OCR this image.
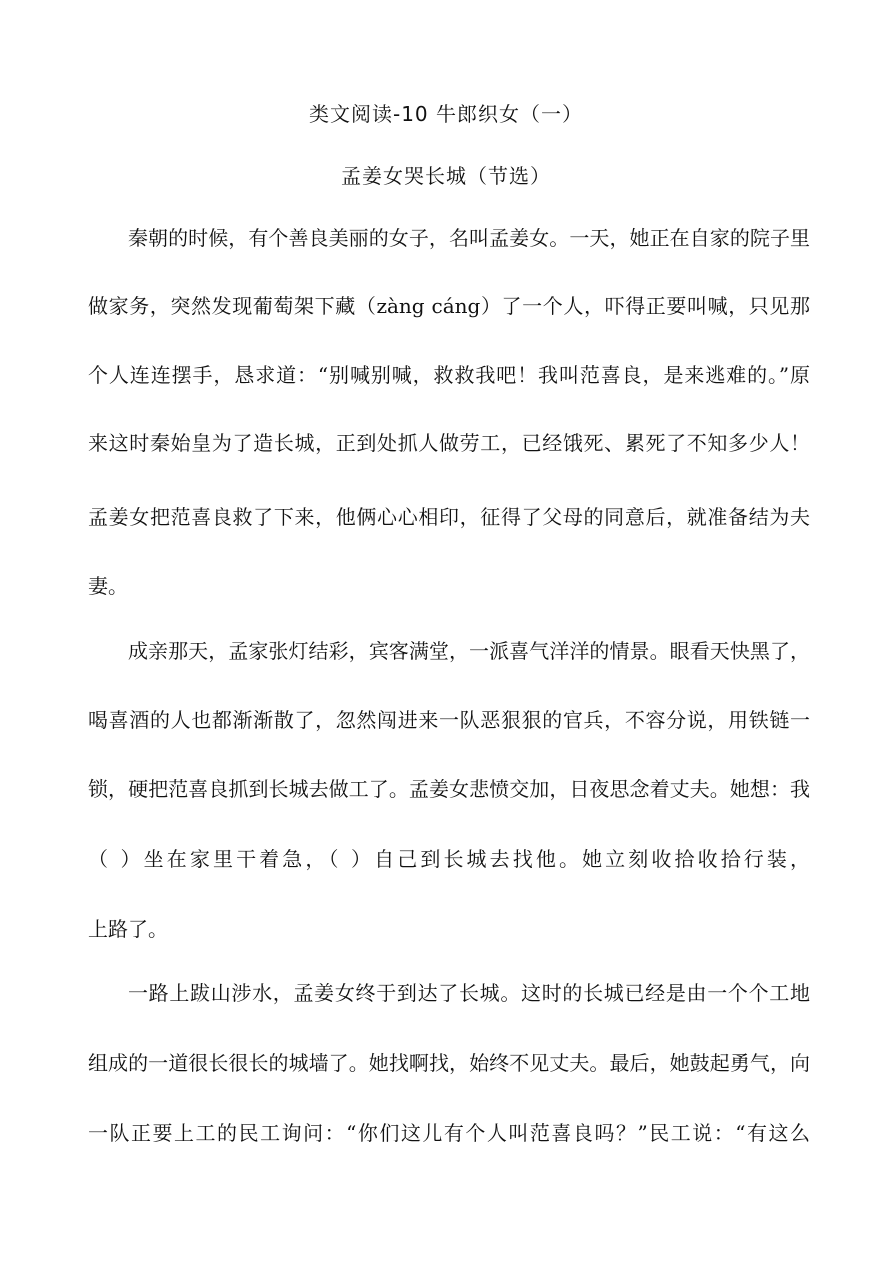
类文阅读-10 牛郎织女（一）
孟姜女哭长城（节选）
秦朝的时候，有个善良美丽的女子，名叫孟姜女。一天，她正在自家的院子里
做家务，突然发现葡萄架下藏（zàng cáng）了一个人，吓得正要叫喊，只见那
个人连连摆手，恳求道：“别喊别喊，救救我吧！我叫范喜良，是来逃难的。”原
来这时秦始皇为了造长城，正到处抓人做劳工，已经饿死、累死了不知多少人！
孟姜女把范喜良救了下来，他俩心心相印，征得了父母的同意后，就准备结为夫
妻。
成亲那天，孟家张灯结彩，宾客满堂，一派喜气洋洋的情景。眼看天快黑了，
喝喜酒的人也都渐渐散了，忽然闯进来一队恶狠狠的官兵，不容分说，用铁链一
锁，硬把范喜良抓到长城去做工了。孟姜女悲愤交加，日夜思念着丈夫。她想：我
（ ）坐在家里干着急，（ ）自己到长城去找他。她立刻收拾收拾行装，
上路了。
一路上跋山涉水，孟姜女终于到达了长城。这时的长城已经是由一个个工地
组成的一道很长很长的城墙了。她找啊找，始终不见丈夫。最后，她鼓起勇气，向
一队正要上工的民工询问：“你们这儿有个人叫范喜良吗？”民工说：“有这么
